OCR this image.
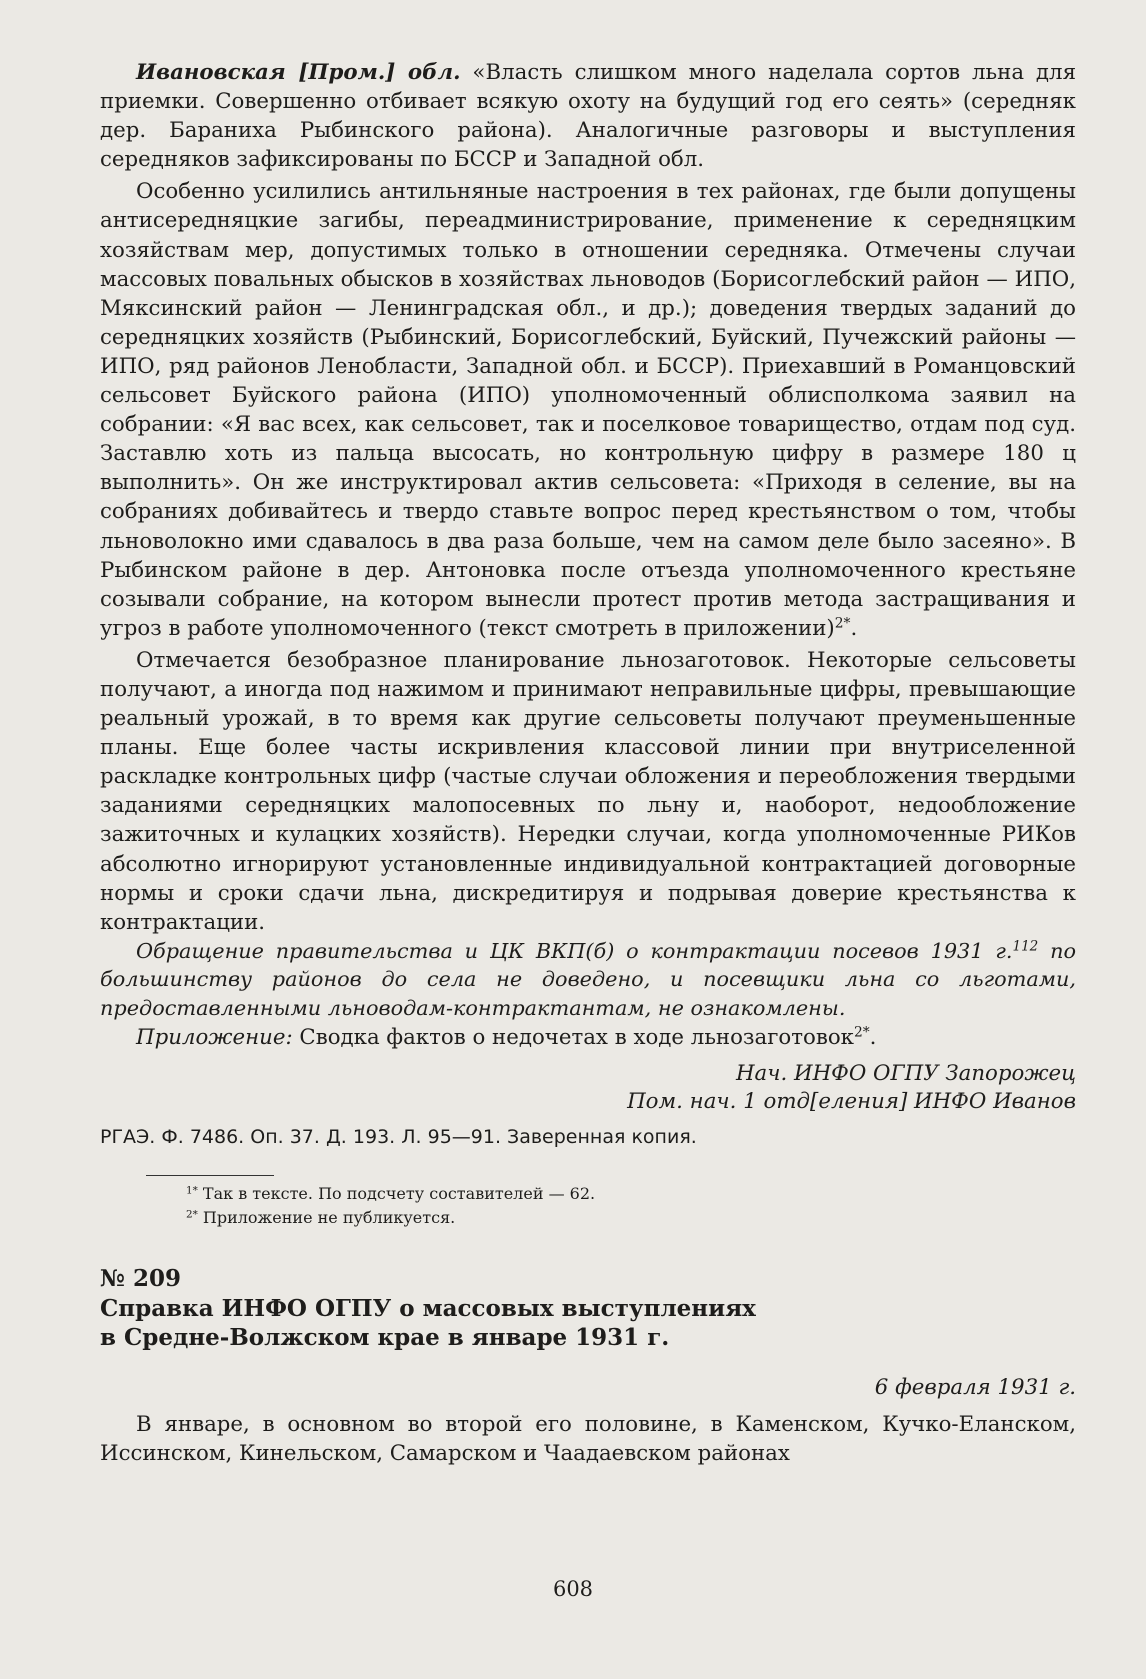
Ивановская [Пром.] обл. «Власть слишком много наделала сортов льна для приемки. Совершенно отбивает всякую охоту на будущий год его сеять» (середняк дер. Бараниха Рыбинского района). Аналогичные разговоры и выступления середняков зафиксированы по БССР и Западной обл.

Особенно усилились антильняные настроения в тех районах, где были допущены антисередняцкие загибы, переадминистрирование, применение к середняцким хозяйствам мер, допустимых только в отношении середняка. Отмечены случаи массовых повальных обысков в хозяйствах льноводов (Борисоглебский район — ИПО, Мяксинский район — Ленинградская обл., и др.); доведения твердых заданий до середняцких хозяйств (Рыбинский, Борисоглебский, Буйский, Пучежский районы — ИПО, ряд районов Ленобласти, Западной обл. и БССР). Приехавший в Романцовский сельсовет Буйского района (ИПО) уполномоченный облисполкома заявил на собрании: «Я вас всех, как сельсовет, так и поселковое товарищество, отдам под суд. Заставлю хоть из пальца высосать, но контрольную цифру в размере 180 ц выполнить». Он же инструктировал актив сельсовета: «Приходя в селение, вы на собраниях добивайтесь и твердо ставьте вопрос перед крестьянством о том, чтобы льноволокно ими сдавалось в два раза больше, чем на самом деле было засеяно». В Рыбинском районе в дер. Антоновка после отъезда уполномоченного крестьяне созывали собрание, на котором вынесли протест против метода застращивания и угроз в работе уполномоченного (текст смотреть в приложении)$^{2*}$.

Отмечается безобразное планирование льнозаготовок. Некоторые сельсоветы получают, а иногда под нажимом и принимают неправильные цифры, превышающие реальный урожай, в то время как другие сельсоветы получают преуменьшенные планы. Еще более часты искривления классовой линии при внутриселенной раскладке контрольных цифр (частые случаи обложения и переобложения твердыми заданиями середняцких малопосевных по льну и, наоборот, недообложение зажиточных и кулацких хозяйств). Нередки случаи, когда уполномоченные РИКов абсолютно игнорируют установленные индивидуальной контрактацией договорные нормы и сроки сдачи льна, дискредитируя и подрывая доверие крестьянства к контрактации.

Обращение правительства и ЦК ВКП(б) о контрактации посевов 1931 г.$^{112}$ по большинству районов до села не доведено, и посевщики льна со льготами, предоставленными льноводам-контрактантам, не ознакомлены.

Приложение: Сводка фактов о недочетах в ходе льнозаготовок$^{2*}$.

Нач. ИНФО ОГПУ Запорожец

Пом. нач. 1 отд[еления] ИНФО Иванов

РГАЭ. Ф. 7486. Оп. 37. Д. 193. Л. 95—91. Заверенная копия.

$^{1*}$ Так в тексте. По подсчету составителей — 62.

$^{2*}$ Приложение не публикуется.

№ 209

Справка ИНФО ОГПУ о массовых выступлениях

в Средне-Волжском крае в январе 1931 г.

6 февраля 1931 г.

В январе, в основном во второй его половине, в Каменском, Кучко-Еланском, Иссинском, Кинельском, Самарском и Чаадаевском районах

608
